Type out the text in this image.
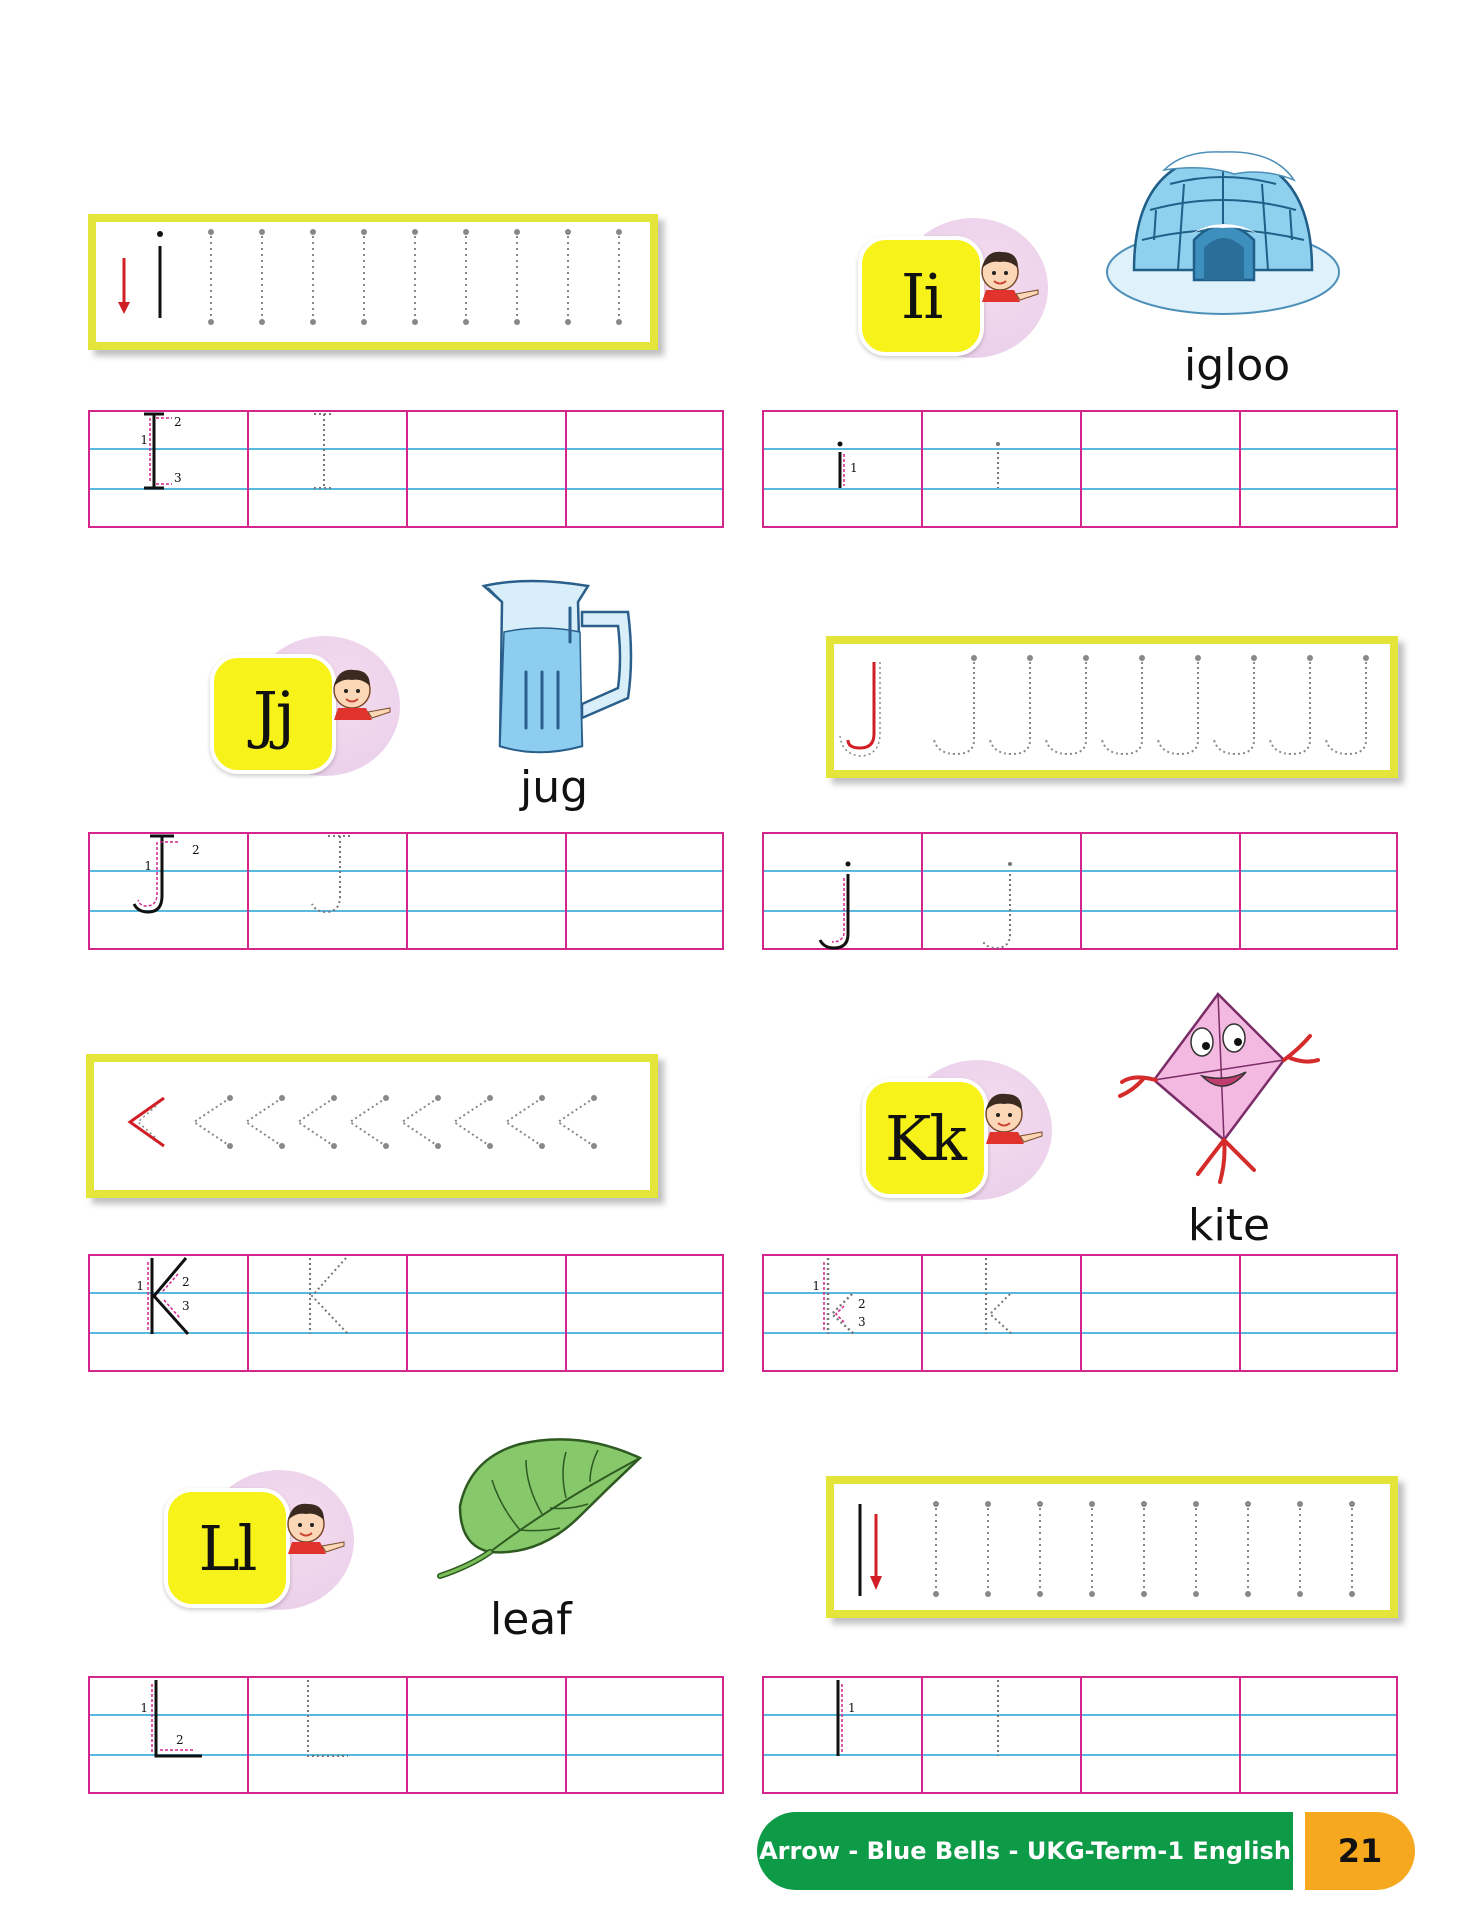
Ii
igloo
1
2
3
1
Jj
jug
1
2
Kk
kite
1	2
3
1
2
3
Ll
leaf
1
2
1
Arrow - Blue Bells - UKG-Term-1 English	21
